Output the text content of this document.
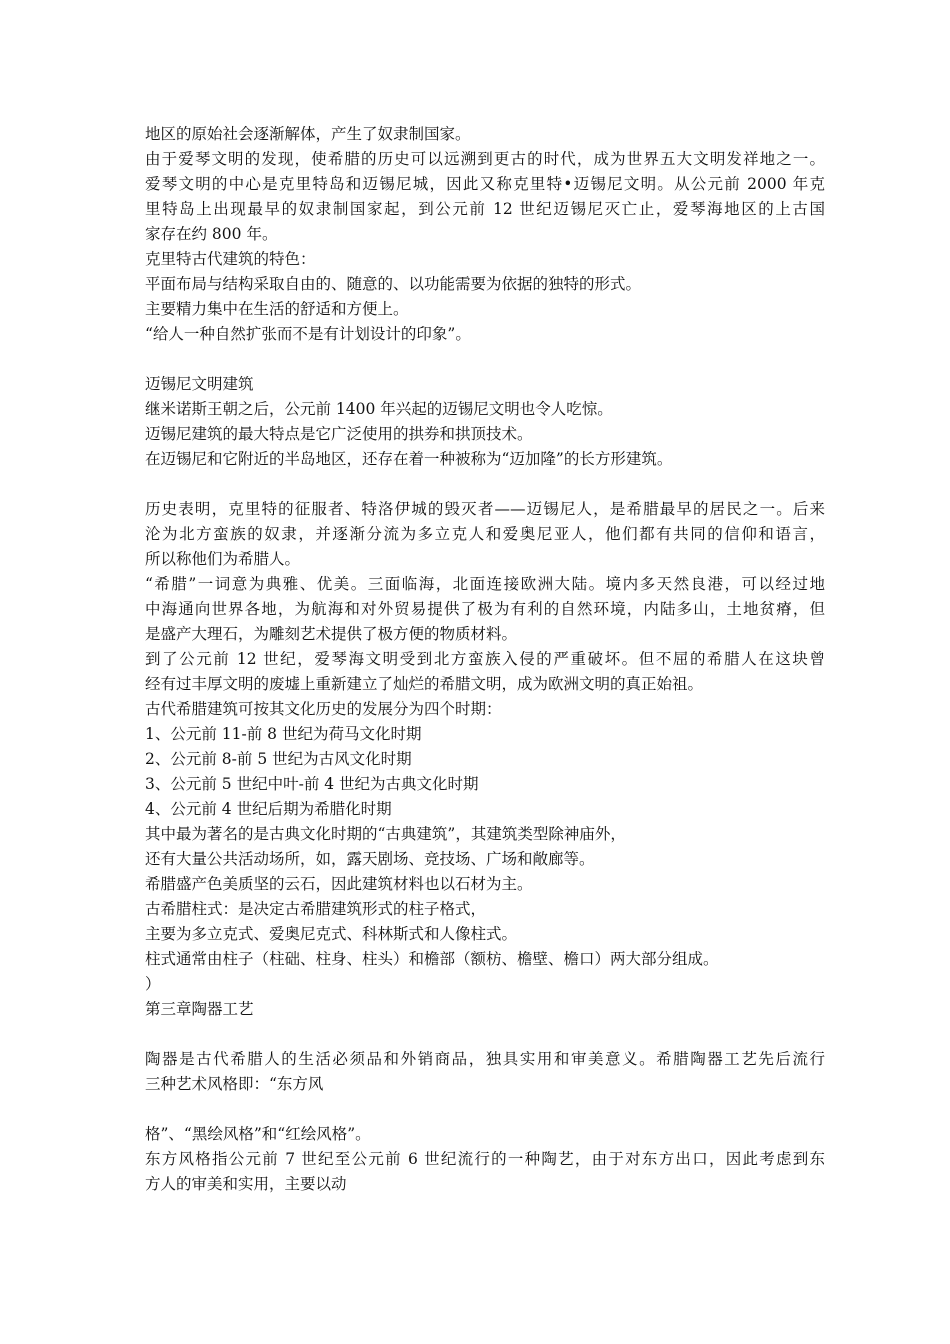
地区的原始社会逐渐解体，产生了奴隶制国家。

由于爱琴文明的发现，使希腊的历史可以远溯到更古的时代，成为世界五大文明发祥地之一。

爱琴文明的中心是克里特岛和迈锡尼城，因此又称克里特•迈锡尼文明。从公元前 2000 年克

里特岛上出现最早的奴隶制国家起，到公元前 12 世纪迈锡尼灭亡止，爱琴海地区的上古国

家存在约 800 年。

克里特古代建筑的特色：

平面布局与结构采取自由的、随意的、以功能需要为依据的独特的形式。

主要精力集中在生活的舒适和方便上。

“给人一种自然扩张而不是有计划设计的印象”。

迈锡尼文明建筑

继米诺斯王朝之后，公元前 1400 年兴起的迈锡尼文明也令人吃惊。

迈锡尼建筑的最大特点是它广泛使用的拱券和拱顶技术。

在迈锡尼和它附近的半岛地区，还存在着一种被称为“迈加隆”的长方形建筑。

历史表明，克里特的征服者、特洛伊城的毁灭者——迈锡尼人，是希腊最早的居民之一。后来

沦为北方蛮族的奴隶，并逐渐分流为多立克人和爱奥尼亚人，他们都有共同的信仰和语言，

所以称他们为希腊人。

“希腊”一词意为典雅、优美。三面临海，北面连接欧洲大陆。境内多天然良港，可以经过地

中海通向世界各地，为航海和对外贸易提供了极为有利的自然环境，内陆多山，土地贫瘠，但

是盛产大理石，为雕刻艺术提供了极方便的物质材料。

到了公元前 12 世纪，爱琴海文明受到北方蛮族入侵的严重破坏。但不屈的希腊人在这块曾

经有过丰厚文明的废墟上重新建立了灿烂的希腊文明，成为欧洲文明的真正始祖。

古代希腊建筑可按其文化历史的发展分为四个时期：

1、公元前 11-前 8 世纪为荷马文化时期

2、公元前 8-前 5 世纪为古风文化时期

3、公元前 5 世纪中叶-前 4 世纪为古典文化时期

4、公元前 4 世纪后期为希腊化时期

其中最为著名的是古典文化时期的“古典建筑”，其建筑类型除神庙外，

还有大量公共活动场所，如，露天剧场、竞技场、广场和敞廊等。

希腊盛产色美质坚的云石，因此建筑材料也以石材为主。

古希腊柱式：是决定古希腊建筑形式的柱子格式，

主要为多立克式、爱奥尼克式、科林斯式和人像柱式。

柱式通常由柱子（柱础、柱身、柱头）和檐部（额枋、檐壁、檐口）两大部分组成。

）

第三章陶器工艺

陶器是古代希腊人的生活必须品和外销商品，独具实用和审美意义。希腊陶器工艺先后流行

三种艺术风格即：“东方风

格”、“黑绘风格”和“红绘风格”。

东方风格指公元前 7 世纪至公元前 6 世纪流行的一种陶艺，由于对东方出口，因此考虑到东

方人的审美和实用，主要以动
